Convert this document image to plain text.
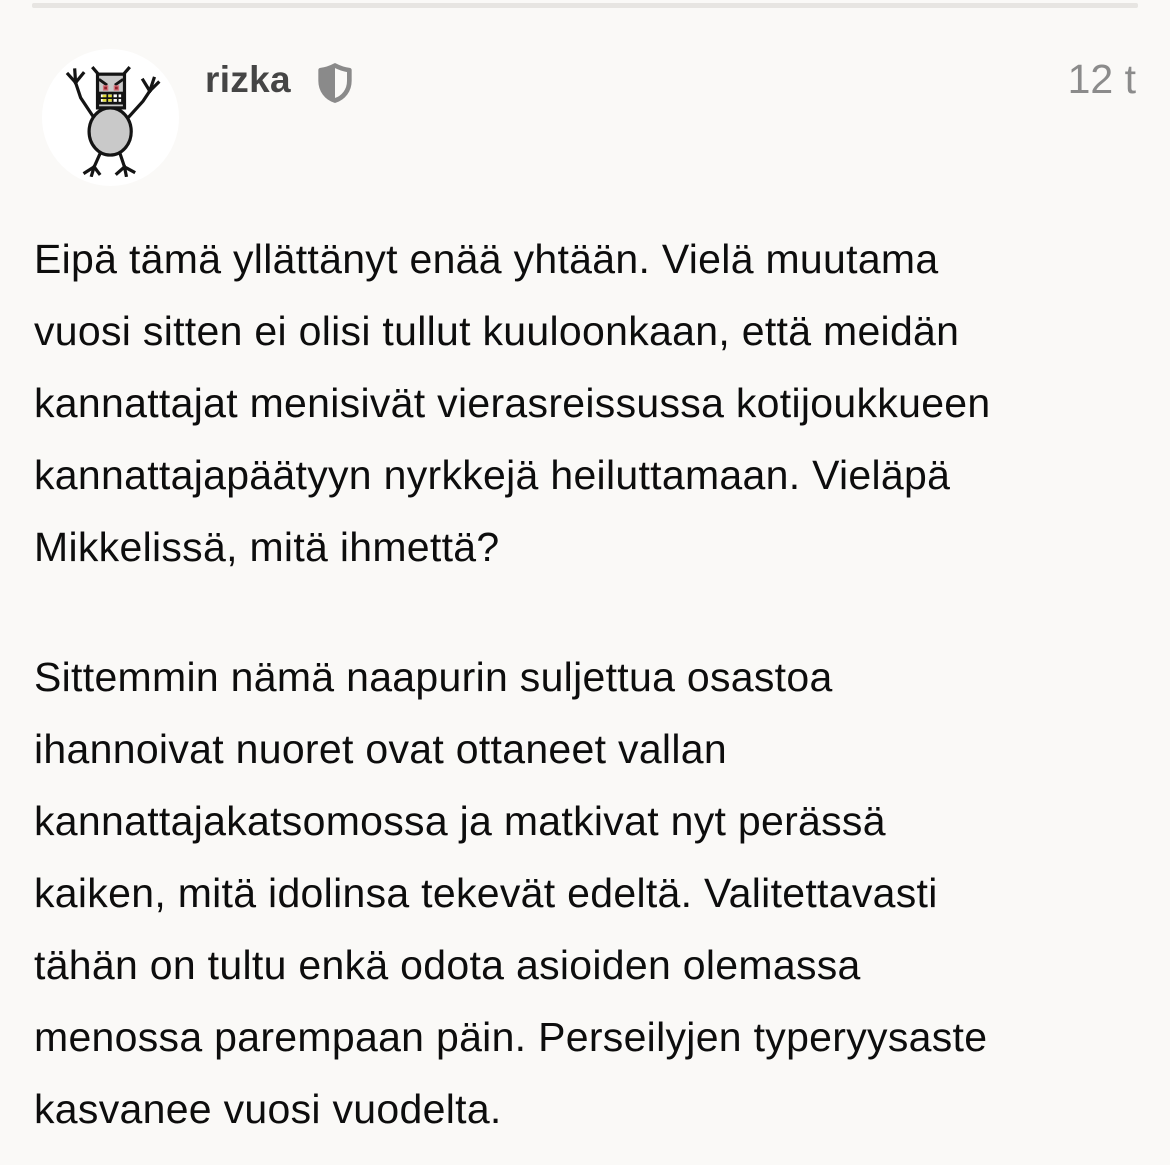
rizka	12 t
Eipä tämä yllättänyt enää yhtään. Vielä muutama
vuosi sitten ei olisi tullut kuuloonkaan, että meidän
kannattajat menisivät vierasreissussa kotijoukkueen
kannattajapäätyyn nyrkkejä heiluttamaan. Vieläpä
Mikkelissä, mitä ihmettä?
Sittemmin nämä naapurin suljettua osastoa
ihannoivat nuoret ovat ottaneet vallan
kannattajakatsomossa ja matkivat nyt perässä
kaiken, mitä idolinsa tekevät edeltä. Valitettavasti
tähän on tultu enkä odota asioiden olemassa
menossa parempaan päin. Perseilyjen typeryysaste
kasvanee vuosi vuodelta.
